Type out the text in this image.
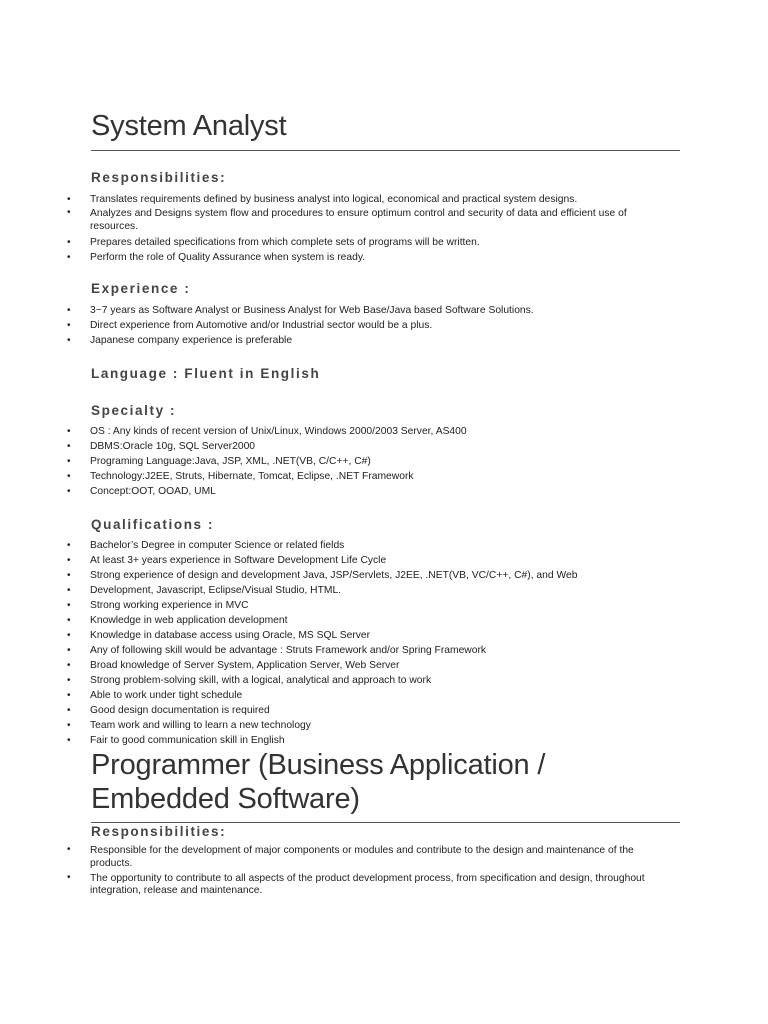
System Analyst
Responsibilities:
• Translates requirements defined by business analyst into logical, economical and practical system designs.
• Analyzes and Designs system flow and procedures to ensure optimum control and security of data and efficient use of resources.
• Prepares detailed specifications from which complete sets of programs will be written.
• Perform the role of Quality Assurance when system is ready.
Experience :
• 3~7 years as Software Analyst or Business Analyst for Web Base/Java based Software Solutions.
• Direct experience from Automotive and/or Industrial sector would be a plus.
• Japanese company experience is preferable
Language : Fluent in English
Specialty :
• OS : Any kinds of recent version of Unix/Linux, Windows 2000/2003 Server, AS400
• DBMS:Oracle 10g, SQL Server2000
• Programing Language:Java, JSP, XML, .NET(VB, C/C++, C#)
• Technology:J2EE, Struts, Hibernate, Tomcat, Eclipse, .NET Framework
• Concept:OOT, OOAD, UML
Qualifications :
• Bachelor’s Degree in computer Science or related fields
• At least 3+ years experience in Software Development Life Cycle
• Strong experience of design and development Java, JSP/Servlets, J2EE, .NET(VB, VC/C++, C#), and Web
• Development, Javascript, Eclipse/Visual Studio, HTML.
• Strong working experience in MVC
• Knowledge in web application development
• Knowledge in database access using Oracle, MS SQL Server
• Any of following skill would be advantage : Struts Framework and/or Spring Framework
• Broad knowledge of Server System, Application Server, Web Server
• Strong problem-solving skill, with a logical, analytical and approach to work
• Able to work under tight schedule
• Good design documentation is required
• Team work and willing to learn a new technology
• Fair to good communication skill in English
Programmer (Business Application /
Embedded Software)
Responsibilities:
• Responsible for the development of major components or modules and contribute to the design and maintenance of the products.
• The opportunity to contribute to all aspects of the product development process, from specification and design, throughout integration, release and maintenance.
